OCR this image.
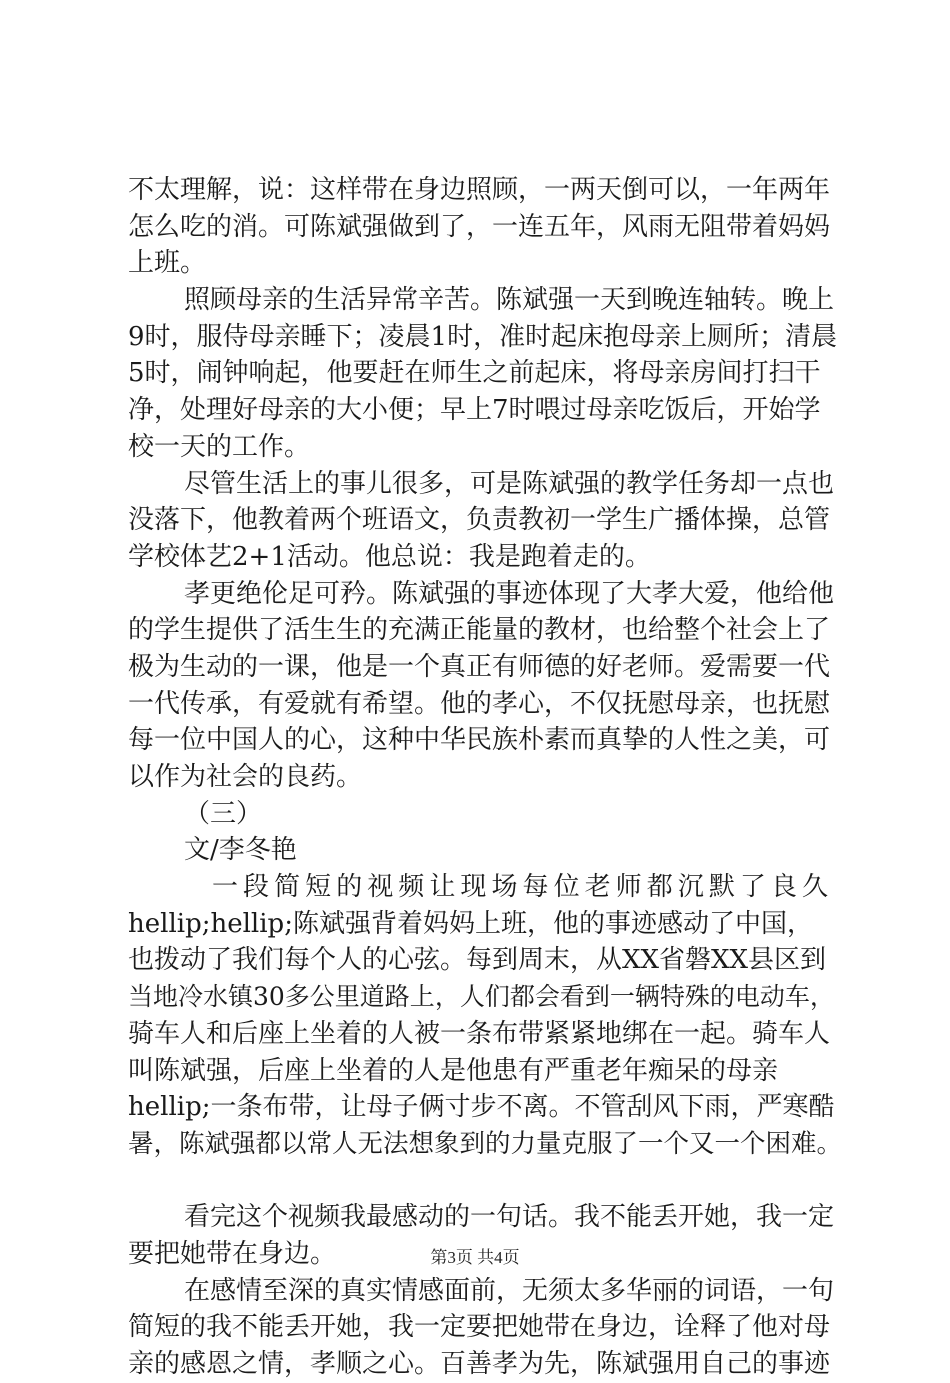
不太理解，说：这样带在身边照顾，一两天倒可以，一年两年
怎么吃的消。可陈斌强做到了，一连五年，风雨无阻带着妈妈
上班。
照顾母亲的生活异常辛苦。陈斌强一天到晚连轴转。晚上
9时，服侍母亲睡下；凌晨1时，准时起床抱母亲上厕所；清晨
5时，闹钟响起，他要赶在师生之前起床，将母亲房间打扫干
净，处理好母亲的大小便；早上7时喂过母亲吃饭后，开始学
校一天的工作。
尽管生活上的事儿很多，可是陈斌强的教学任务却一点也
没落下，他教着两个班语文，负责教初一学生广播体操，总管
学校体艺2+1活动。他总说：我是跑着走的。
孝更绝伦足可矜。陈斌强的事迹体现了大孝大爱，他给他
的学生提供了活生生的充满正能量的教材，也给整个社会上了
极为生动的一课，他是一个真正有师德的好老师。爱需要一代
一代传承，有爱就有希望。他的孝心，不仅抚慰母亲，也抚慰
每一位中国人的心，这种中华民族朴素而真挚的人性之美，可
以作为社会的良药。
（三）
文/李冬艳
一段简短的视频让现场每位老师都沉默了良久
hellip;hellip;陈斌强背着妈妈上班，他的事迹感动了中国，
也拨动了我们每个人的心弦。每到周末，从XX省磐XX县区到
当地冷水镇30多公里道路上，人们都会看到一辆特殊的电动车，
骑车人和后座上坐着的人被一条布带紧紧地绑在一起。骑车人
叫陈斌强，后座上坐着的人是他患有严重老年痴呆的母亲
hellip;一条布带，让母子俩寸步不离。不管刮风下雨，严寒酷
暑，陈斌强都以常人无法想象到的力量克服了一个又一个困难。
看完这个视频我最感动的一句话。我不能丢开她，我一定
要把她带在身边。
在感情至深的真实情感面前，无须太多华丽的词语，一句
简短的我不能丢开她，我一定要把她带在身边，诠释了他对母
亲的感恩之情，孝顺之心。百善孝为先，陈斌强用自己的事迹
第3页 共4页
